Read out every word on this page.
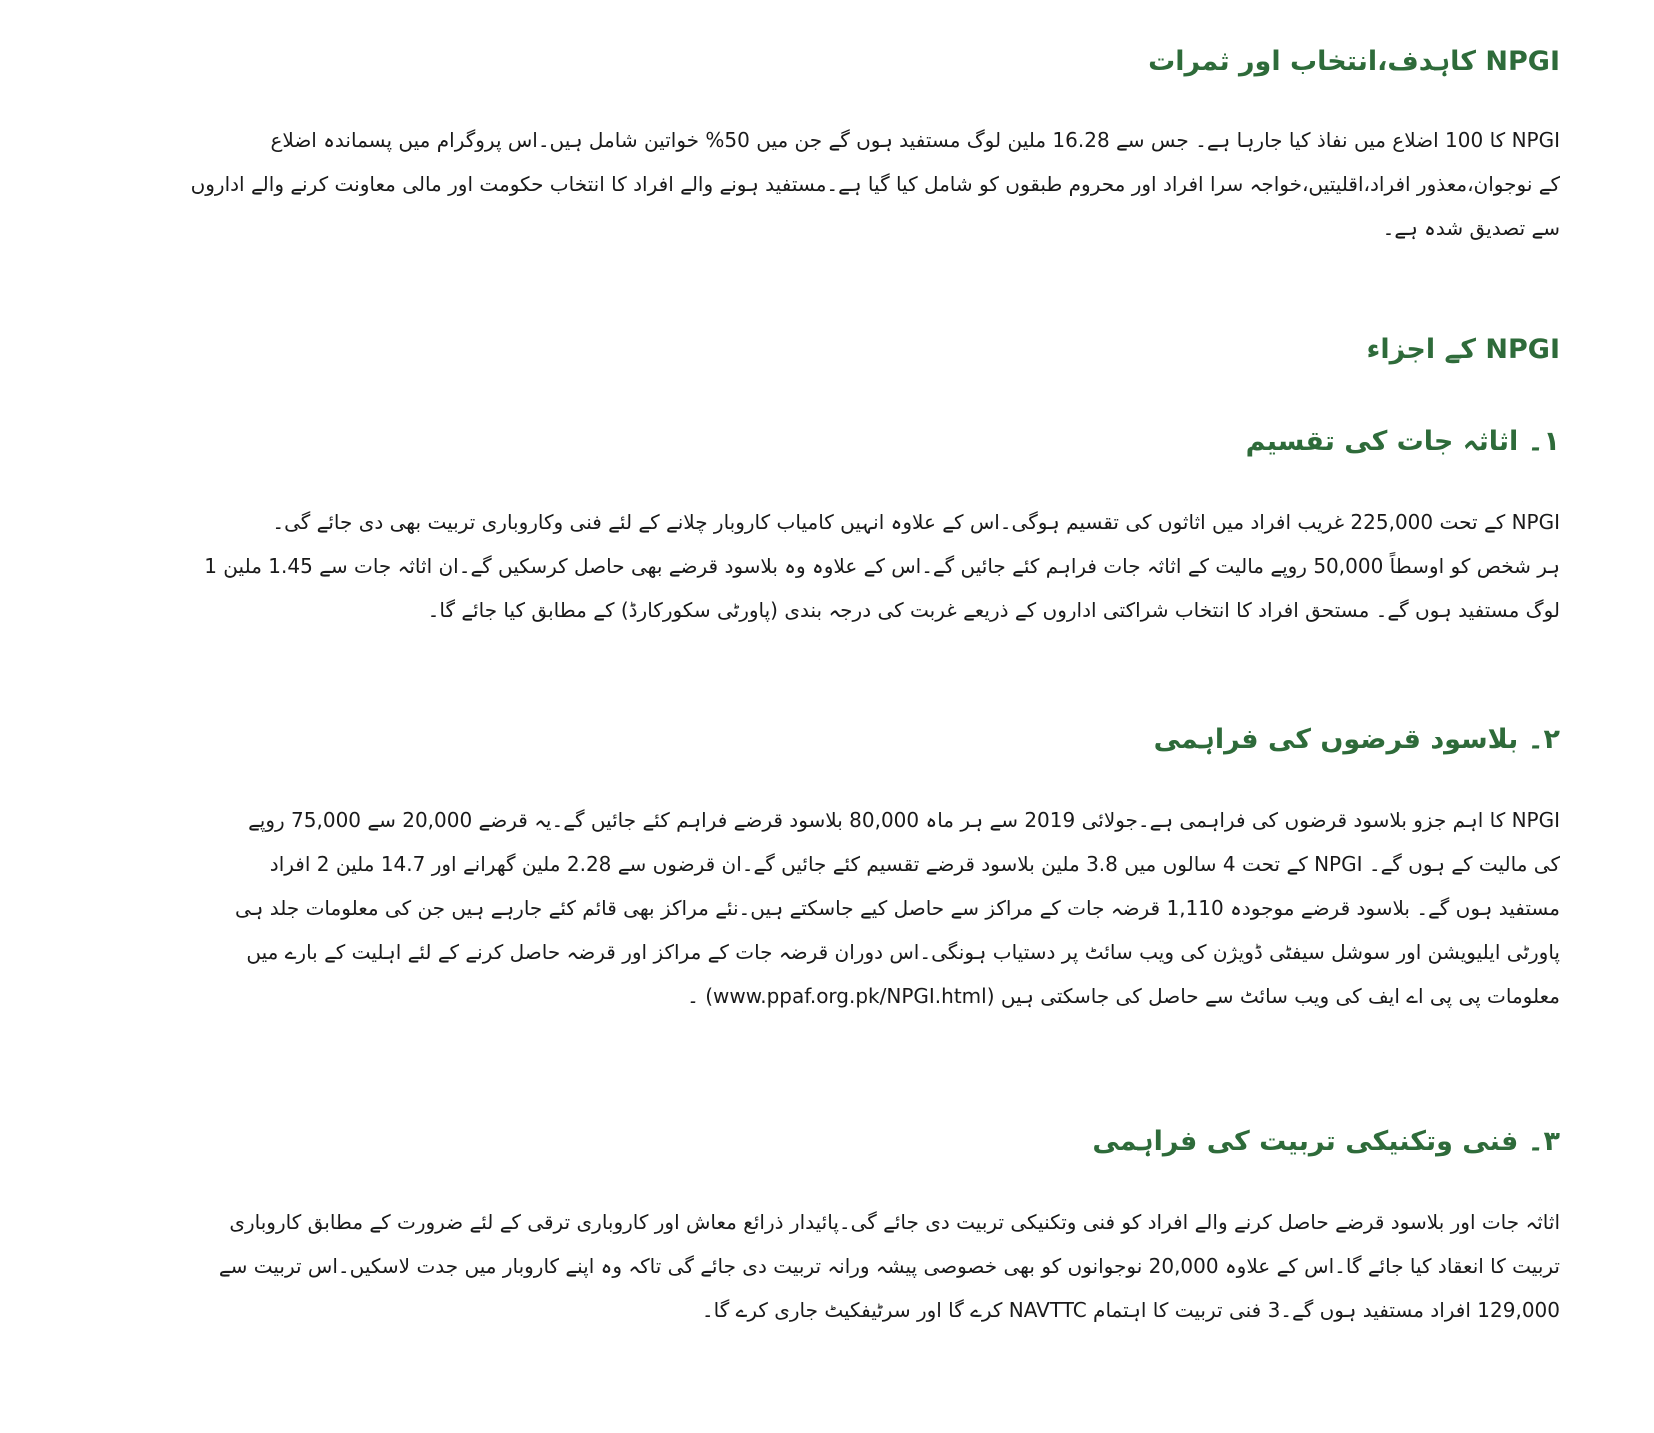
NPGI کاہدف،انتخاب اور ثمرات
NPGI کا 100 اضلاع میں نفاذ کیا جارہا ہے۔ جس سے 16.28 ملین لوگ مستفید ہوں گے جن میں 50% خواتین شامل ہیں۔اس پروگرام میں پسماندہ اضلاع
کے نوجوان،معذور افراد،اقلیتیں،خواجہ سرا افراد اور محروم طبقوں کو شامل کیا گیا ہے۔مستفید ہونے والے افراد کا انتخاب حکومت اور مالی معاونت کرنے والے اداروں
سے تصدیق شدہ ہے۔
NPGI کے اجزاء
۱۔ اثاثہ جات کی تقسیم
NPGI کے تحت 225,000 غریب افراد میں اثاثوں کی تقسیم ہوگی۔اس کے علاوہ انہیں کامیاب کاروبار چلانے کے لئے فنی وکاروباری تربیت بھی دی جائے گی۔
ہر شخص کو اوسطاً 50,000 روپے مالیت کے اثاثہ جات فراہم کئے جائیں گے۔اس کے علاوہ وہ بلاسود قرضے بھی حاصل کرسکیں گے۔ان اثاثہ جات سے 1.45 ملین 1
لوگ مستفید ہوں گے۔ مستحق افراد کا انتخاب شراکتی اداروں کے ذریعے غربت کی درجہ بندی (پاورٹی سکورکارڈ) کے مطابق کیا جائے گا۔
۲۔ بلاسود قرضوں کی فراہمی
NPGI کا اہم جزو بلاسود قرضوں کی فراہمی ہے۔جولائی 2019 سے ہر ماہ 80,000 بلاسود قرضے فراہم کئے جائیں گے۔یہ قرضے 20,000 سے 75,000 روپے
کی مالیت کے ہوں گے۔ NPGI کے تحت 4 سالوں میں 3.8 ملین بلاسود قرضے تقسیم کئے جائیں گے۔ان قرضوں سے 2.28 ملین گھرانے اور 14.7 ملین 2 افراد
مستفید ہوں گے۔ بلاسود قرضے موجودہ 1,110 قرضہ جات کے مراکز سے حاصل کیے جاسکتے ہیں۔نئے مراکز بھی قائم کئے جارہے ہیں جن کی معلومات جلد ہی
پاورٹی ایلیویشن اور سوشل سیفٹی ڈویژن کی ویب سائٹ پر دستیاب ہونگی۔اس دوران قرضہ جات کے مراکز اور قرضہ حاصل کرنے کے لئے اہلیت کے بارے میں
معلومات پی پی اے ایف کی ویب سائٹ سے حاصل کی جاسکتی ہیں (www.ppaf.org.pk/NPGI.html) ۔
۳۔ فنی وتکنیکی تربیت کی فراہمی
اثاثہ جات اور بلاسود قرضے حاصل کرنے والے افراد کو فنی وتکنیکی تربیت دی جائے گی۔پائیدار ذرائع معاش اور کاروباری ترقی کے لئے ضرورت کے مطابق کاروباری
تربیت کا انعقاد کیا جائے گا۔اس کے علاوہ 20,000 نوجوانوں کو بھی خصوصی پیشہ ورانہ تربیت دی جائے گی تاکہ وہ اپنے کاروبار میں جدت لاسکیں۔اس تربیت سے
129,000 افراد مستفید ہوں گے۔3 فنی تربیت کا اہتمام NAVTTC کرے گا اور سرٹیفکیٹ جاری کرے گا۔
